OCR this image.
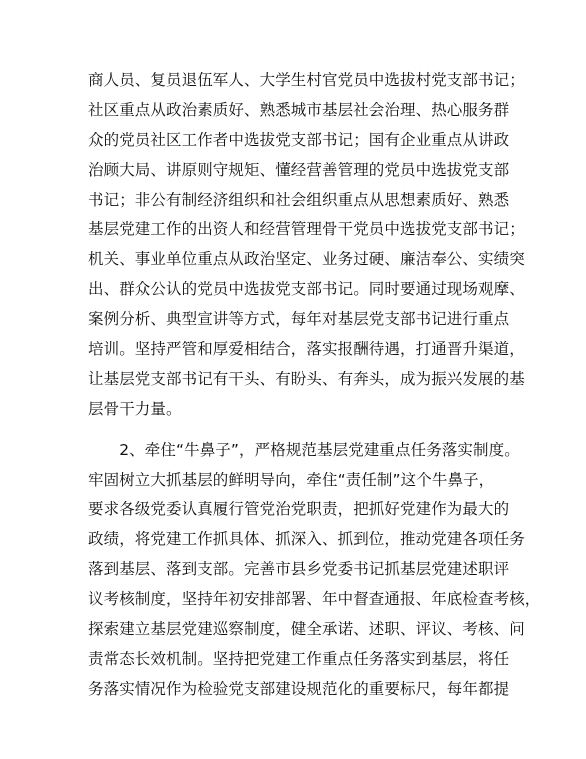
商人员、复员退伍军人、大学生村官党员中选拔村党支部书记；
社区重点从政治素质好、熟悉城市基层社会治理、热心服务群
众的党员社区工作者中选拔党支部书记；国有企业重点从讲政
治顾大局、讲原则守规矩、懂经营善管理的党员中选拔党支部
书记；非公有制经济组织和社会组织重点从思想素质好、熟悉
基层党建工作的出资人和经营管理骨干党员中选拔党支部书记；
机关、事业单位重点从政治坚定、业务过硬、廉洁奉公、实绩突
出、群众公认的党员中选拔党支部书记。同时要通过现场观摩、
案例分析、典型宣讲等方式，每年对基层党支部书记进行重点
培训。坚持严管和厚爱相结合，落实报酬待遇，打通晋升渠道，
让基层党支部书记有干头、有盼头、有奔头，成为振兴发展的基
层骨干力量。
　　2、牵住“牛鼻子”，严格规范基层党建重点任务落实制度。
牢固树立大抓基层的鲜明导向，牵住“责任制”这个牛鼻子，
要求各级党委认真履行管党治党职责，把抓好党建作为最大的
政绩，将党建工作抓具体、抓深入、抓到位，推动党建各项任务
落到基层、落到支部。完善市县乡党委书记抓基层党建述职评
议考核制度，坚持年初安排部署、年中督查通报、年底检查考核，
探索建立基层党建巡察制度，健全承诺、述职、评议、考核、问
责常态长效机制。坚持把党建工作重点任务落实到基层，将任
务落实情况作为检验党支部建设规范化的重要标尺，每年都提
